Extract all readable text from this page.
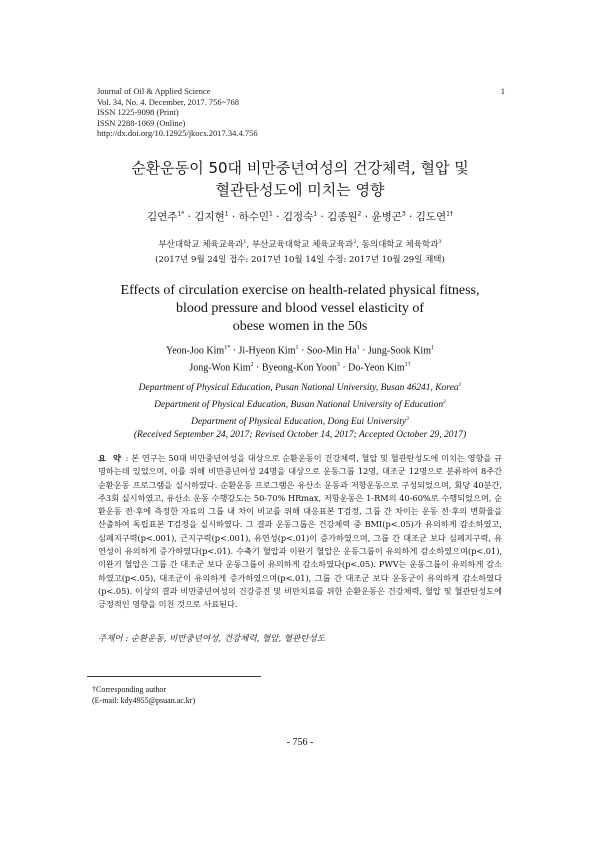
Journal of Oil & Applied Science
Vol. 34, No. 4. December, 2017. 756~768
ISSN 1225-9098 (Print)
ISSN 2288-1069 (Online)
http://dx.doi.org/10.12925/jkocs.2017.34.4.756
1
순환운동이 50대 비만중년여성의 건강체력, 혈압 및
혈관탄성도에 미치는 영향
김연주$^{1*}$ · 김지현$^1$ · 하수민$^1$ · 김정숙$^1$ · 김종원$^2$ · 윤병곤$^3$ · 김도연$^{1\dagger}$
부산대학교 체육교육과$^1$, 부산교육대학교 체육교육과$^2$, 동의대학교 체육학과$^3$
(2017년 9월 24일 접수: 2017년 10월 14일 수정: 2017년 10월 29일 채택)
Effects of circulation exercise on health-related physical fitness,
blood pressure and blood vessel elasticity of
obese women in the 50s
Yeon-Joo Kim$^{1*}$ · Ji-Hyeon Kim$^1$ · Soo-Min $Ha^1$ · Jung-Sook Kim$^1$
Jong-Won Kim$^2$ · Byeong-Kon Yoon$^3$ · Do-Yeon Kim$^{1\dagger}$
Department of Physical Education, Pusan National University, Busan 46241, Korea$^1$
Department of Physical Education, Busan National University of Education$^2$
Department of Physical Education, Dong Eui University$^3$
(Received September 24, 2017; Revised October 14, 2017; Accepted October 29, 2017)
요 약 : 본 연구는 50대 비만중년여성을 대상으로 순환운동이 건강체력, 혈압 및 혈관탄성도에 미치는 영향을 규명하는데 있었으며, 이를 위해 비만중년여성 24명을 대상으로 운동그룹 12명, 대조군 12명으로 분류하여 8주간 순환운동 프로그램을 실시하였다. 순환운동 프로그램은 유산소 운동과 저항운동으로 구성되었으며, 회당 40분간, 주3회 실시하였고, 유산소 운동 수행강도는 50-70% HRmax, 저항운동은 1-RM의 40-60%로 수행되었으며, 순환운동 전·후에 측정한 자료의 그룹 내 차이 비교를 위해 대응표본 T검정, 그룹 간 차이는 운동 전·후의 변화율을 산출하여 독립표본 T검정을 실시하였다. 그 결과 운동그룹은 건강체력 중 BMI(p<.05)가 유의하게 감소하였고, 심폐지구력(p<.001), 근지구력(p<.001), 유연성(p<.01)이 증가하였으며, 그룹 간 대조군 보다 심폐지구력, 유연성이 유의하게 증가하였다(p<.01). 수축기 혈압과 이완기 혈압은 운동그룹이 유의하게 감소하였으며(p<.01), 이완기 혈압은 그룹 간 대조군 보다 운동그룹이 유의하게 감소하였다(p<.05). PWV는 운동그룹이 유의하게 감소하였고(p<.05), 대조군이 유의하게 증가하였으며(p<.01), 그룹 간 대조군 보다 운동군이 유의하게 감소하였다(p<.05). 이상의 결과 비만중년여성의 건강증진 및 비만치료를 위한 순환운동은 건강체력, 혈압 및 혈관탄성도에 긍정적인 영향을 미친 것으로 사료된다.
주제어 : 순환운동, 비만중년여성, 건강체력, 혈압, 혈관탄성도
†Corresponding author
(E-mail: kdy4955@psuan.ac.kr)
- 756 -
